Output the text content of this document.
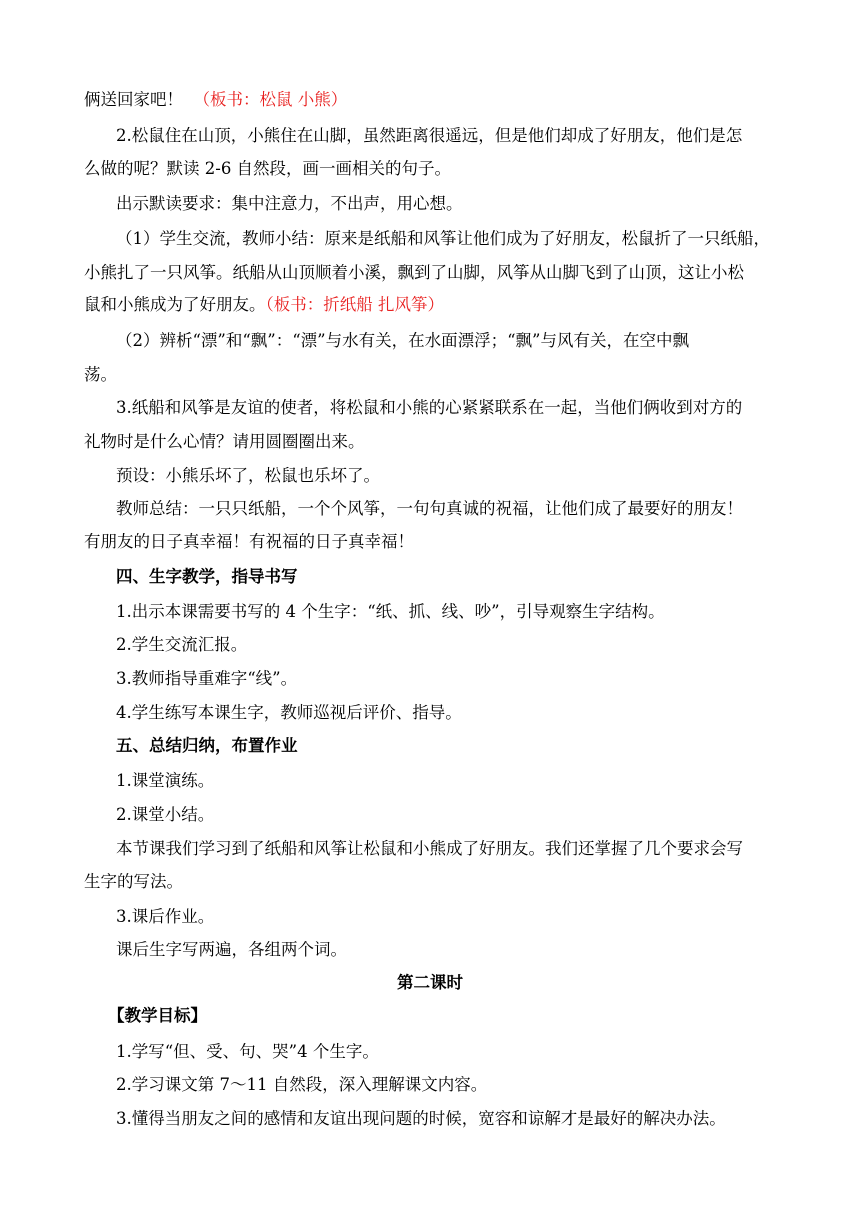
俩送回家吧！ （板书：松鼠 小熊）
2.松鼠住在山顶，小熊住在山脚，虽然距离很遥远，但是他们却成了好朋友，他们是怎
么做的呢？默读 2-6 自然段，画一画相关的句子。
出示默读要求：集中注意力，不出声，用心想。
（1）学生交流，教师小结：原来是纸船和风筝让他们成为了好朋友，松鼠折了一只纸船，
小熊扎了一只风筝。纸船从山顶顺着小溪，飘到了山脚，风筝从山脚飞到了山顶，这让小松
鼠和小熊成为了好朋友。（板书：折纸船 扎风筝）
（2）辨析“漂”和“飘”：“漂”与水有关，在水面漂浮；“飘”与风有关，在空中飘
荡。
3.纸船和风筝是友谊的使者，将松鼠和小熊的心紧紧联系在一起，当他们俩收到对方的
礼物时是什么心情？请用圆圈圈出来。
预设：小熊乐坏了，松鼠也乐坏了。
教师总结：一只只纸船，一个个风筝，一句句真诚的祝福，让他们成了最要好的朋友！
有朋友的日子真幸福！有祝福的日子真幸福！
四、生字教学，指导书写
1.出示本课需要书写的 4 个生字：“纸、抓、线、吵”，引导观察生字结构。
2.学生交流汇报。
3.教师指导重难字“线”。
4.学生练写本课生字，教师巡视后评价、指导。
五、总结归纳，布置作业
1.课堂演练。
2.课堂小结。
本节课我们学习到了纸船和风筝让松鼠和小熊成了好朋友。我们还掌握了几个要求会写
生字的写法。
3.课后作业。
课后生字写两遍，各组两个词。
第二课时
【教学目标】
1.学写“但、受、句、哭”4 个生字。
2.学习课文第 7～11 自然段，深入理解课文内容。
3.懂得当朋友之间的感情和友谊出现问题的时候，宽容和谅解才是最好的解决办法。
